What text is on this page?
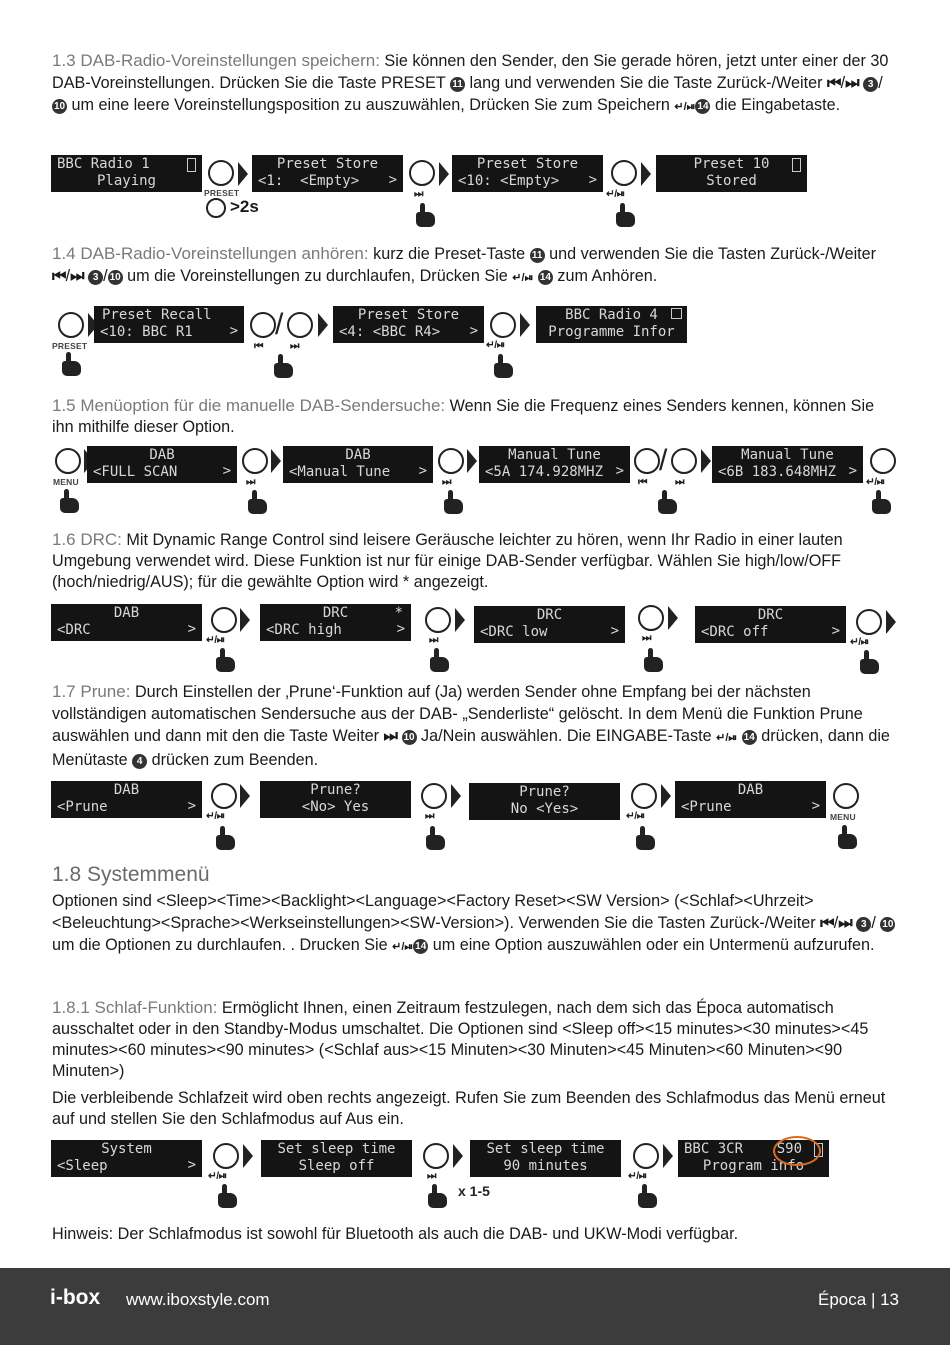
1.3 DAB-Radio-Voreinstellungen speichern: Sie können den Sender, den Sie gerade hören, jetzt unter einer der 30 DAB-Voreinstellungen. Drücken Sie die Taste PRESET 11 lang und verwenden Sie die Taste Zurück-/Weiter ⏮/⏭ 3 /10 um eine leere Voreinstellungsposition zu auszuwählen, Drücken Sie zum Speichern ↵/⏯ 14 die Eingabetaste.
BBC Radio 1
Playing
PRESET
>2s
Preset Store
<1:  <Empty>	>
⏭
Preset Store
<10: <Empty>	>
↵/⏯
Preset 10
Stored
1.4 DAB-Radio-Voreinstellungen anhören: kurz die Preset-Taste 11 und verwenden Sie die Tasten Zurück-/Weiter ⏮/⏭ 3 / 10 um die Voreinstellungen zu durchlaufen, Drücken Sie ↵/⏯ 14 zum Anhören.
PRESET
Preset Recall
<10: BBC R1	> /
⏮	⏭
Preset Store
<4: <BBC R4>	>
↵/⏯
BBC Radio 4
Programme Infor
1.5 Menüoption für die manuelle DAB-Sendersuche: Wenn Sie die Frequenz eines Senders kennen, können Sie ihn mithilfe dieser Option.
MENU
DAB
<FULL SCAN	>
⏭
DAB
<Manual Tune	>
⏭
Manual Tune
<5A 174.928MHZ > /
⏮	⏭
Manual Tune
<6B 183.648MHZ >
↵/⏯
1.6 DRC: Mit Dynamic Range Control sind leisere Geräusche leichter zu hören, wenn Ihr Radio in einer lauten Umgebung verwendet wird. Diese Funktion ist nur für einige DAB-Sender verfügbar. Wählen Sie high/low/OFF (hoch/niedrig/AUS); für die gewählte Option wird * angezeigt.
DAB
<DRC	>
↵/⏯
DRC
<DRC high
*
>
⏭
DRC
<DRC low	> ⏭
DRC
<DRC off	>
↵/⏯
1.7 Prune: Durch Einstellen der ‚Prune‘-Funktion auf (Ja) werden Sender ohne Empfang bei der nächsten vollständigen automatischen Sendersuche aus der DAB- „Senderliste“ gelöscht. In dem Menü die Funktion Prune auswählen und dann mit den die Taste Weiter ⏭ 10 Ja/Nein auswählen. Die EINGABE-Taste ↵/⏯ 14 drücken, dann die Menütaste 4 drücken zum Beenden.
DAB
<Prune	>
↵/⏯
Prune?
<No> Yes
⏭
Prune?
No <Yes>	↵/⏯
DAB
<Prune	>
MENU
1.8 Systemmenü
Optionen sind <Sleep><Time><Backlight><Language><Factory Reset><SW Version> (<Schlaf><Uhrzeit><Beleuchtung><Sprache><Werkseinstellungen><SW-Version>). Verwenden Sie die Tasten Zurück-/Weiter ⏮/⏭ 3 / 10 um die Optionen zu durchlaufen. . Drucken Sie ↵/⏯ 14 um eine Option auszuwählen oder ein Untermenü aufzurufen.
1.8.1 Schlaf-Funktion: Ermöglicht Ihnen, einen Zeitraum festzulegen, nach dem sich das Época automatisch ausschaltet oder in den Standby-Modus umschaltet. Die Optionen sind <Sleep off><15 minutes><30 minutes><45 minutes><60 minutes><90 minutes> (<Schlaf aus><15 Minuten><30 Minuten><45 Minuten><60 Minuten><90 Minuten>)
Die verbleibende Schlafzeit wird oben rechts angezeigt. Rufen Sie zum Beenden des Schlafmodus das Menü erneut auf und stellen Sie den Schlafmodus auf Aus ein.
System
<Sleep	>
↵/⏯
Set sleep time
Sleep off
⏭
x 1-5
Set sleep time
90 minutes
↵/⏯
BBC 3CR S90
Program info
Hinweis: Der Schlafmodus ist sowohl für Bluetooth als auch die DAB- und UKW-Modi verfügbar.
i-box www.iboxstyle.com	Época | 13
